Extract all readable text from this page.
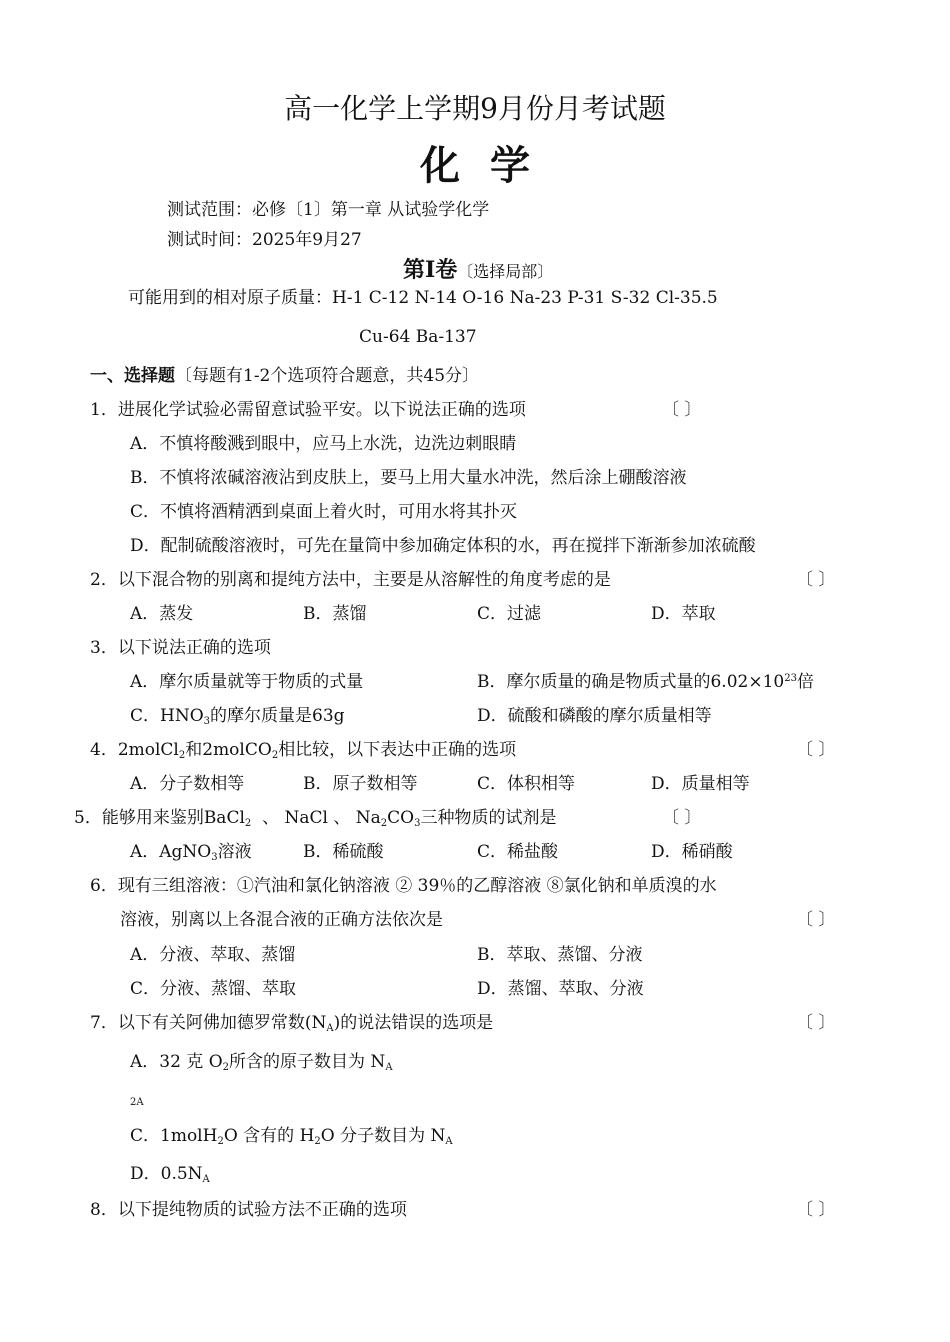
高一化学上学期9月份月考试题
化学
测试范围：必修〔1〕第一章 从试验学化学
测试时间：2025年9月27
第Ⅰ卷〔选择局部〕
可能用到的相对原子质量：H-1 C-12 N-14 O-16 Na-23 P-31 S-32 Cl-35.5
Cu-64 Ba-137
一、选择题〔每题有1-2个选项符合题意，共45分〕
1．进展化学试验必需留意试验平安。以下说法正确的选项	〔 〕
A．不慎将酸溅到眼中，应马上水洗，边洗边刺眼睛
B．不慎将浓碱溶液沾到皮肤上，要马上用大量水冲洗，然后涂上硼酸溶液
C．不慎将酒精洒到桌面上着火时，可用水将其扑灭
D．配制硫酸溶液时，可先在量筒中参加确定体积的水，再在搅拌下渐渐参加浓硫酸
2．以下混合物的别离和提纯方法中，主要是从溶解性的角度考虑的是	〔 〕
A．蒸发	B．蒸馏	C．过滤	D．萃取
3．以下说法正确的选项
A．摩尔质量就等于物质的式量	B．摩尔质量的确是物质式量的$6.02\times 10^{23}$倍
C．$HNO_3$的摩尔质量是63g	D．硫酸和磷酸的摩尔质量相等
4．2molCl$_2$和2molCO$_2$相比较，以下表达中正确的选项	〔 〕
A．分子数相等	B．原子数相等	C．体积相等	D．质量相等
5．能够用来鉴别BaCl$_2$  、 NaCl 、 $Na_2CO_3$三种物质的试剂是	〔 〕
A．AgNO$_3$溶液	B．稀硫酸	C．稀盐酸	D．稀硝酸
6．现有三组溶液：①汽油和氯化钠溶液 ② 39％的乙醇溶液 ⑧氯化钠和单质溴的水
溶液，别离以上各混合液的正确方法依次是	〔 〕
A．分液、萃取、蒸馏	B．萃取、蒸馏、分液
C．分液、蒸馏、萃取	D．蒸馏、萃取、分液
7．以下有关阿佛加德罗常数$(N_A)$的说法错误的选项是	〔 〕
A．32 克 $O_2$所含的原子数目为 $N_A$
2A
C．1molH$_2$O 含有的 $H_2O$ 分子数目为 $N_A$
D．$0.5N_A$
8．以下提纯物质的试验方法不正确的选项	〔 〕
